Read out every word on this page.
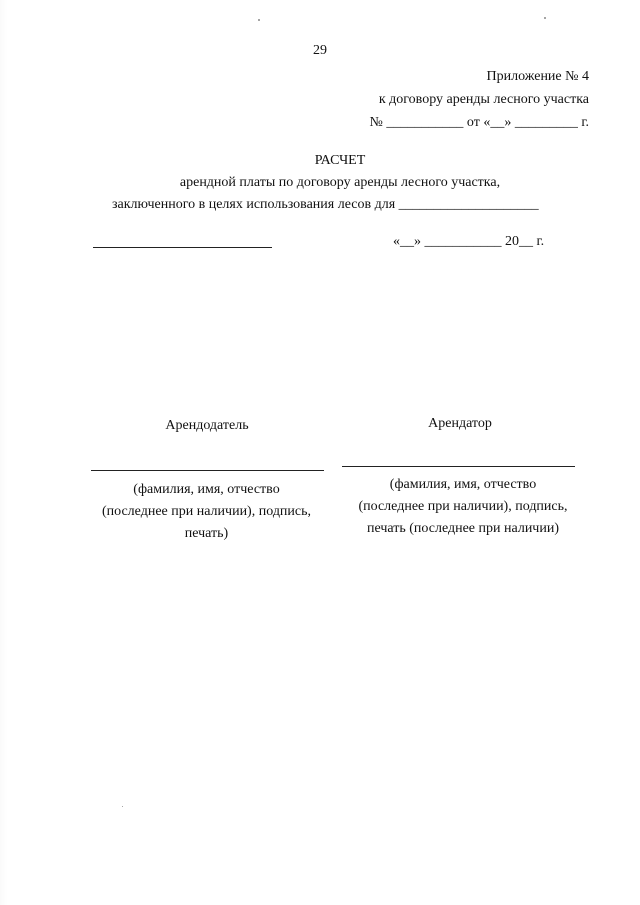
29
Приложение № 4
к договору аренды лесного участка
№ ___________ от «__» _________ г.
РАСЧЕТ
арендной платы по договору аренды лесного участка,
заключенного в целях использования лесов для ____________________
«__» ___________ 20__ г.
Арендодатель	Арендатор
(фамилия, имя, отчество
(последнее при наличии), подпись,
печать)
(фамилия, имя, отчество
(последнее при наличии), подпись,
печать (последнее при наличии)
